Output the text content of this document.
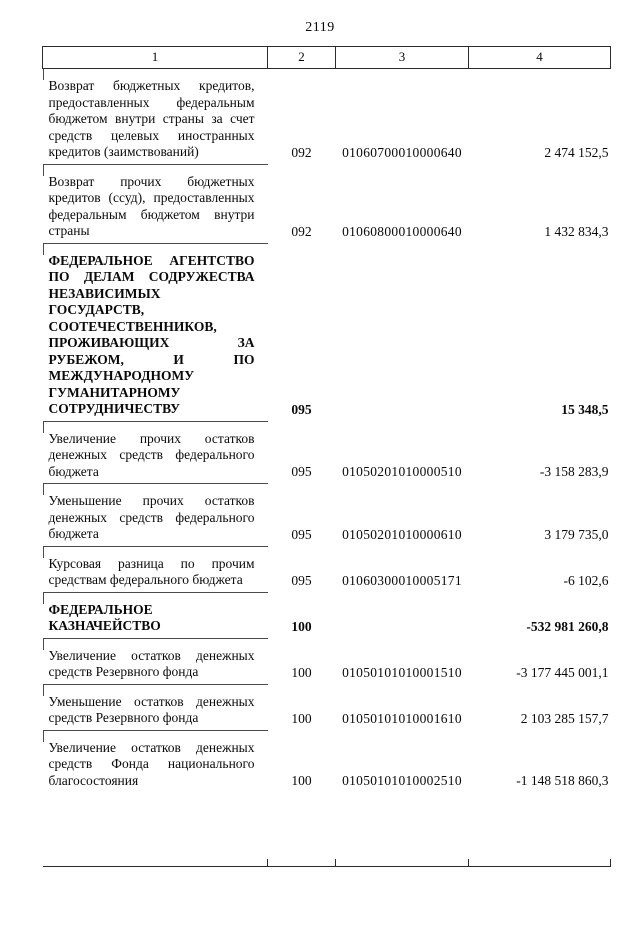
2119
1	2	3	4
Возврат бюджетных кредитов, предоставленных федеральным бюджетом внутри страны за счет средств целевых иностранных кредитов (заимствований)	092	01060700010000640	2 474 152,5
Возврат прочих бюджетных кредитов (ссуд), предоставленных федеральным бюджетом внутри страны	092	01060800010000640	1 432 834,3
ФЕДЕРАЛЬНОЕ АГЕНТСТВО ПО ДЕЛАМ СОДРУЖЕСТВА НЕЗАВИСИМЫХ ГОСУДАРСТВ, СООТЕЧЕСТВЕННИКОВ, ПРОЖИВАЮЩИХ ЗА РУБЕЖОМ, И ПО МЕЖДУНАРОДНОМУ ГУМАНИТАРНОМУ СОТРУДНИЧЕСТВУ	095		15 348,5
Увеличение прочих остатков денежных средств федерального бюджета	095	01050201010000510	-3 158 283,9
Уменьшение прочих остатков денежных средств федерального бюджета	095	01050201010000610	3 179 735,0
Курсовая разница по прочим средствам федерального бюджета	095	01060300010005171	-6 102,6
ФЕДЕРАЛЬНОЕ КАЗНАЧЕЙСТВО	100		-532 981 260,8
Увеличение остатков денежных средств Резервного фонда	100	01050101010001510	-3 177 445 001,1
Уменьшение остатков денежных средств Резервного фонда	100	01050101010001610	2 103 285 157,7
Увеличение остатков денежных средств Фонда национального благосостояния	100	01050101010002510	-1 148 518 860,3
